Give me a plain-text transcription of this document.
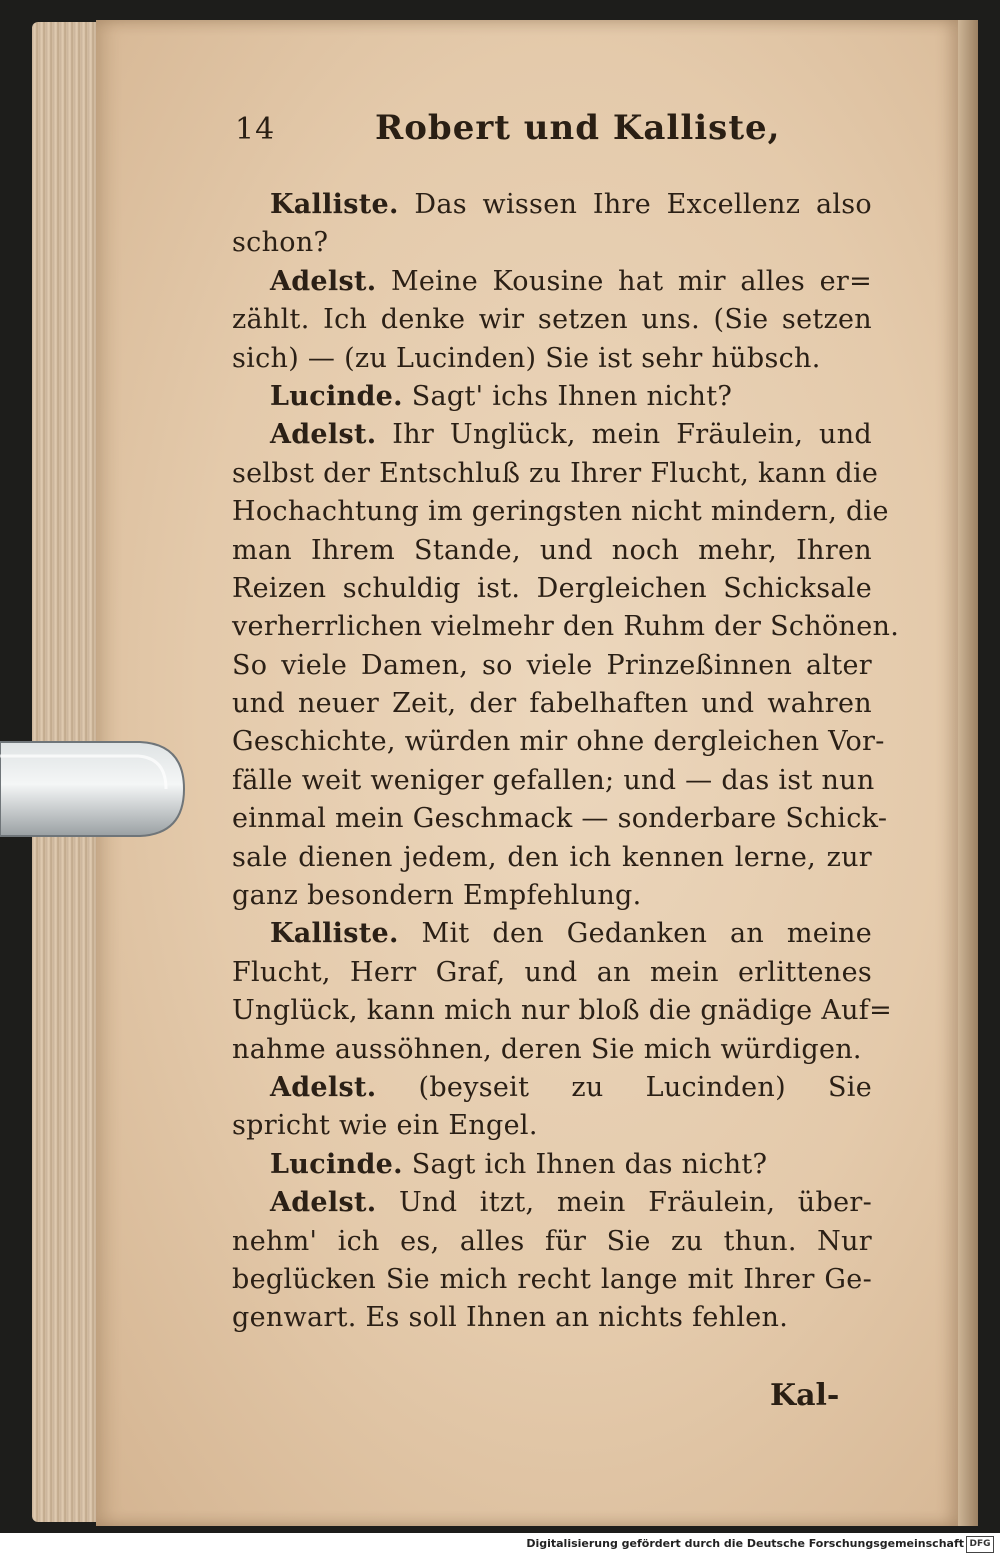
14	Robert und Kalliste,
Kalliste. Das wissen Ihre Excellenz also
schon?
Adelst. Meine Kousine hat mir alles er=
zählt. Ich denke wir setzen uns. (Sie setzen
sich) — (zu Lucinden) Sie ist sehr hübsch.
Lucinde. Sagt' ichs Ihnen nicht?
Adelst. Ihr Unglück, mein Fräulein, und
selbst der Entschluß zu Ihrer Flucht, kann die
Hochachtung im geringsten nicht mindern, die
man Ihrem Stande, und noch mehr, Ihren
Reizen schuldig ist. Dergleichen Schicksale
verherrlichen vielmehr den Ruhm der Schönen.
So viele Damen, so viele Prinzeßinnen alter
und neuer Zeit, der fabelhaften und wahren
Geschichte, würden mir ohne dergleichen Vor-
fälle weit weniger gefallen; und — das ist nun
einmal mein Geschmack — sonderbare Schick-
sale dienen jedem, den ich kennen lerne, zur
ganz besondern Empfehlung.
Kalliste. Mit den Gedanken an meine
Flucht, Herr Graf, und an mein erlittenes
Unglück, kann mich nur bloß die gnädige Auf=
nahme aussöhnen, deren Sie mich würdigen.
Adelst. (beyseit zu Lucinden) Sie
spricht wie ein Engel.
Lucinde. Sagt ich Ihnen das nicht?
Adelst. Und itzt, mein Fräulein, über-
nehm' ich es, alles für Sie zu thun. Nur
beglücken Sie mich recht lange mit Ihrer Ge-
genwart. Es soll Ihnen an nichts fehlen.
Kal-
Digitalisierung gefördert durch die Deutsche Forschungsgemeinschaft DFG
